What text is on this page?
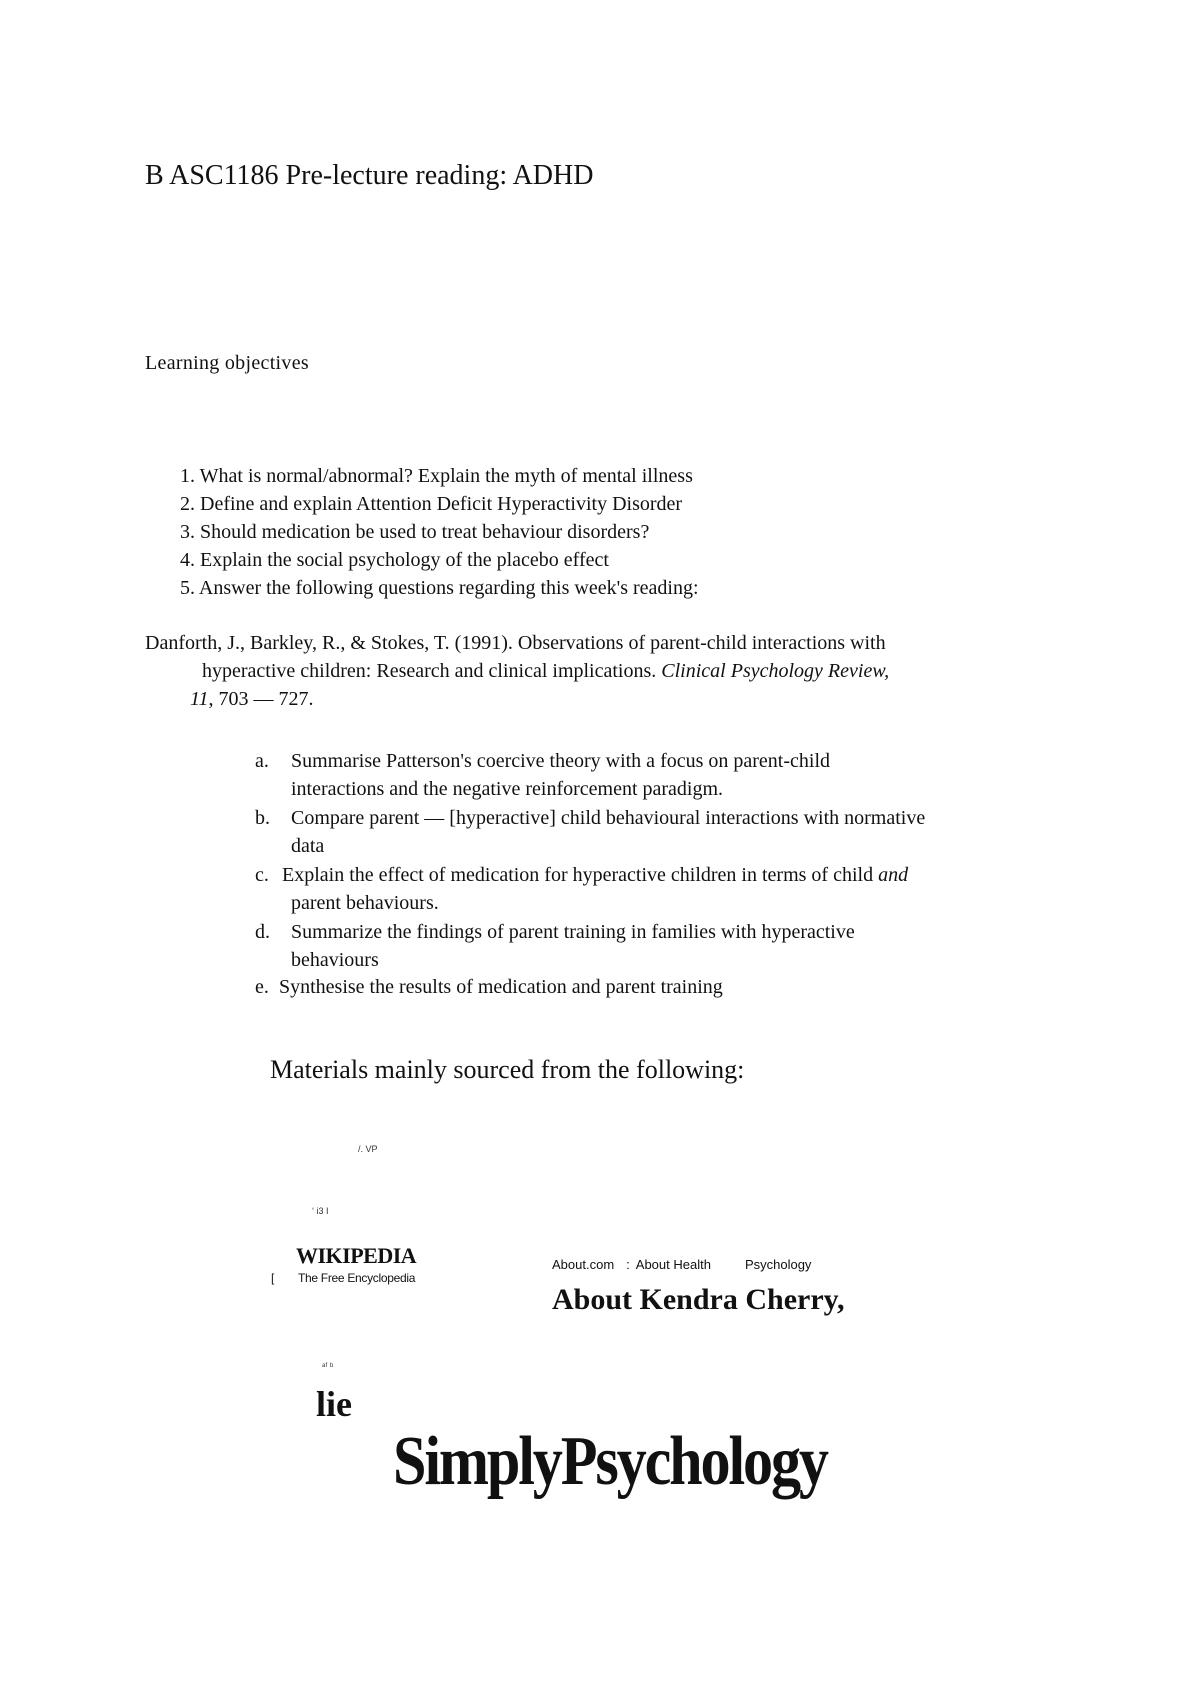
B ASC1186 Pre-lecture reading: ADHD
Learning objectives
1. What is normal/abnormal? Explain the myth of mental illness
2. Define and explain Attention Deficit Hyperactivity Disorder
3. Should medication be used to treat behaviour disorders?
4. Explain the social psychology of the placebo effect
5. Answer the following questions regarding this week's reading:
Danforth, J., Barkley, R., & Stokes, T. (1991). Observations of parent-child interactions with
hyperactive children: Research and clinical implications. Clinical Psychology Review,
11, 703 — 727.
a. Summarise Patterson's coercive theory with a focus on parent-child
interactions and the negative reinforcement paradigm.
b. Compare parent — [hyperactive] child behavioural interactions with normative
data
c. Explain the effect of medication for hyperactive children in terms of child and
parent behaviours.
d. Summarize the findings of parent training in families with hyperactive
behaviours
e. Synthesise the results of medication and parent training
Materials mainly sourced from the following:
/. VP
‘ i3 I
ᵃᶠ ᵇ
WIKIPEDIA
[ The Free Encyclopedia
About.com : About Health	Psychology
About Kendra Cherry,
lie
SimplyPsychology
